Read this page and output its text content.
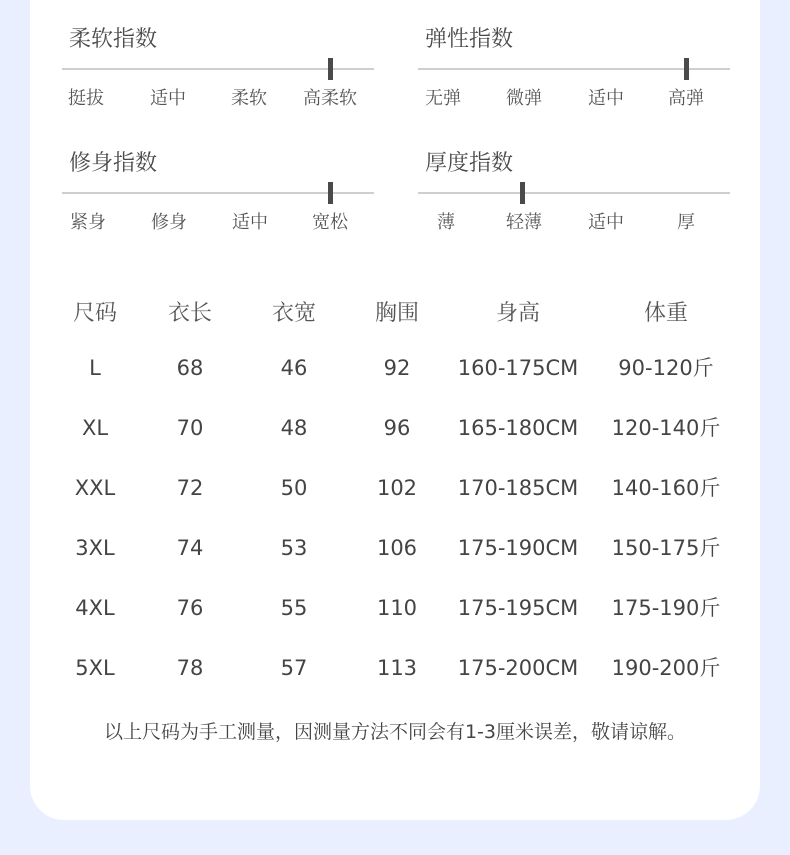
柔软指数
挺拔	适中	柔软 高柔软
弹性指数
无弹	微弹	适中 高弹
修身指数
紧身	修身	适中 宽松
厚度指数
薄	轻薄	适中	厚
尺码	衣长	衣宽	胸围	身高	体重
L	68	46	92	160-175CM	90-120斤
XL	70	48	96	165-180CM	120-140斤
XXL	72	50	102	170-185CM	140-160斤
3XL	74	53	106	175-190CM	150-175斤
4XL	76	55	110	175-195CM	175-190斤
5XL	78	57	113	175-200CM	190-200斤
以上尺码为手工测量，因测量方法不同会有1-3厘米误差，敬请谅解。
